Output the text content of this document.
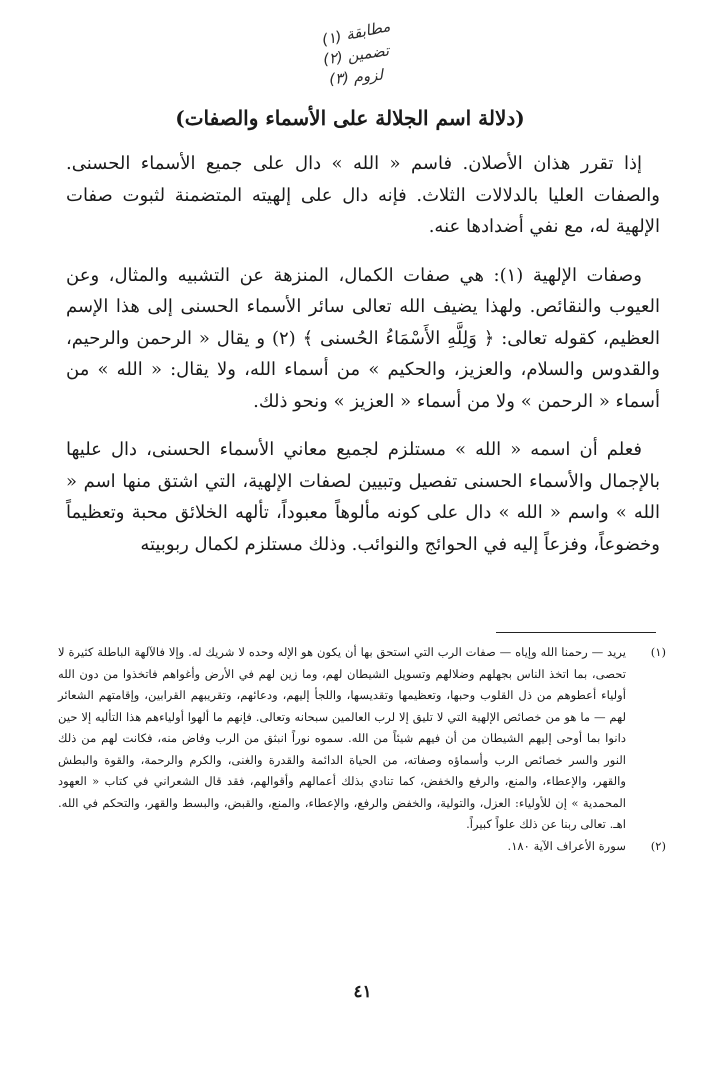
مطابقة (١)
تضمين (٢)
لزوم (٣)
(دلالة اسم الجلالة على الأسماء والصفات)

إذا تقرر هذان الأصلان. فاسم « الله » دال على جميع الأسماء الحسنى. والصفات العليا بالدلالات الثلاث. فإنه دال على إلهيته المتضمنة لثبوت صفات الإلهية له، مع نفي أضدادها عنه.

وصفات الإلهية (١): هي صفات الكمال، المنزهة عن التشبيه والمثال، وعن العيوب والنقائص. ولهذا يضيف الله تعالى سائر الأسماء الحسنى إلى هذا الإسم العظيم، كقوله تعالى: ﴿ وَلِلَّهِ الأَسْمَاءُ الحُسنى ﴾ (٢) و يقال « الرحمن والرحيم، والقدوس والسلام، والعزيز، والحكيم » من أسماء الله، ولا يقال: « الله » من أسماء « الرحمن » ولا من أسماء « العزيز » ونحو ذلك.

فعلم أن اسمه « الله » مستلزم لجميع معاني الأسماء الحسنى، دال عليها بالإجمال والأسماء الحسنى تفصيل وتبيين لصفات الإلهية، التي اشتق منها اسم « الله » واسم « الله » دال على كونه مألوهاً معبوداً، تألهه الخلائق محبة وتعظيماً وخضوعاً، وفزعاً إليه في الحوائج والنوائب. وذلك مستلزم لكمال ربوبيته

(١)
يريد — رحمنا الله وإياه — صفات الرب التي استحق بها أن يكون هو الإله وحده لا شريك له. وإلا فالآلهة الباطلة كثيرة لا تحصى، بما اتخذ الناس بجهلهم وضلالهم وتسويل الشيطان لهم، وما زين لهم في الأرض وأغواهم فاتخذوا من دون الله أولياء أعطوهم من ذل القلوب وحبها، وتعظيمها وتقديسها، واللجأ إليهم، ودعائهم، وتقريبهم القرابين، وإقامتهم الشعائر لهم — ما هو من خصائص الإلهية التي لا تليق إلا لرب العالمين سبحانه وتعالى. فإنهم ما ألهوا أولياءهم هذا التأليه إلا حين دانوا بما أوحى إليهم الشيطان من أن فيهم شيئاً من الله. سموه نوراً انبثق من الرب وفاض منه، فكانت لهم من ذلك النور والسر خصائص الرب وأسماؤه وصفاته، من الحياة الدائمة والقدرة والغنى، والكرم والرحمة، والقوة والبطش والقهر، والإعطاء، والمنع، والرفع والخفض، كما تنادي بذلك أعمالهم وأقوالهم، فقد قال الشعراني في كتاب « العهود المحمدية » إن للأولياء: العزل، والتولية، والخفض والرفع، والإعطاء، والمنع، والقبض، والبسط والقهر، والتحكم في الله. اهـ. تعالى ربنا عن ذلك علواً كبيراً.
(٢)
سورة الأعراف الآية ١٨٠.
٤١
